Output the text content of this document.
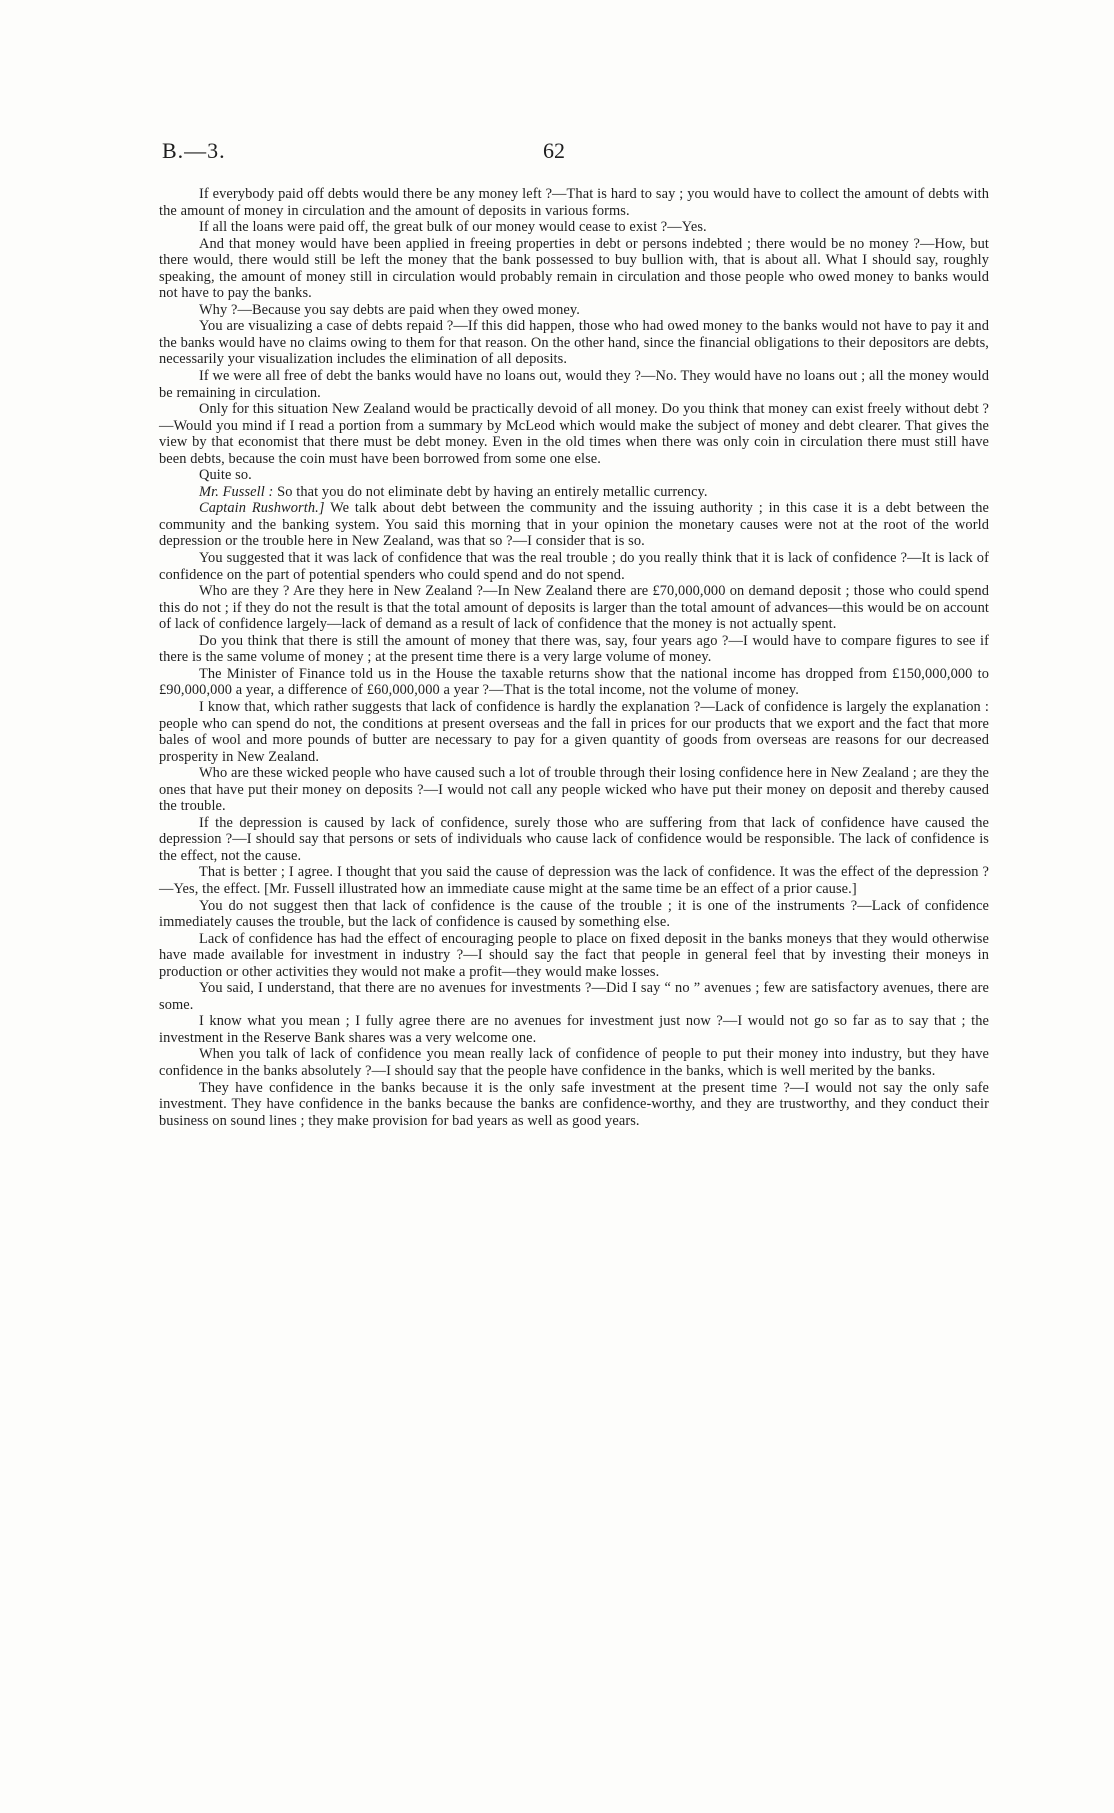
B.—3.	62

If everybody paid off debts would there be any money left ?—That is hard to say ; you would have to collect the amount of debts with the amount of money in circulation and the amount of deposits in various forms.

If all the loans were paid off, the great bulk of our money would cease to exist ?—Yes.

And that money would have been applied in freeing properties in debt or persons indebted ; there would be no money ?—How, but there would, there would still be left the money that the bank possessed to buy bullion with, that is about all. What I should say, roughly speaking, the amount of money still in circulation would probably remain in circulation and those people who owed money to banks would not have to pay the banks.

Why ?—Because you say debts are paid when they owed money.

You are visualizing a case of debts repaid ?—If this did happen, those who had owed money to the banks would not have to pay it and the banks would have no claims owing to them for that reason. On the other hand, since the financial obligations to their depositors are debts, necessarily your visualization includes the elimination of all deposits.

If we were all free of debt the banks would have no loans out, would they ?—No. They would have no loans out ; all the money would be remaining in circulation.

Only for this situation New Zealand would be practically devoid of all money. Do you think that money can exist freely without debt ?—Would you mind if I read a portion from a summary by McLeod which would make the subject of money and debt clearer. That gives the view by that economist that there must be debt money. Even in the old times when there was only coin in circulation there must still have been debts, because the coin must have been borrowed from some one else.

Quite so.

Mr. Fussell : So that you do not eliminate debt by having an entirely metallic currency.

Captain Rushworth.] We talk about debt between the community and the issuing authority ; in this case it is a debt between the community and the banking system. You said this morning that in your opinion the monetary causes were not at the root of the world depression or the trouble here in New Zealand, was that so ?—I consider that is so.

You suggested that it was lack of confidence that was the real trouble ; do you really think that it is lack of confidence ?—It is lack of confidence on the part of potential spenders who could spend and do not spend.

Who are they ? Are they here in New Zealand ?—In New Zealand there are £70,000,000 on demand deposit ; those who could spend this do not ; if they do not the result is that the total amount of deposits is larger than the total amount of advances—this would be on account of lack of confidence largely—lack of demand as a result of lack of confidence that the money is not actually spent.

Do you think that there is still the amount of money that there was, say, four years ago ?—I would have to compare figures to see if there is the same volume of money ; at the present time there is a very large volume of money.

The Minister of Finance told us in the House the taxable returns show that the national income has dropped from £150,000,000 to £90,000,000 a year, a difference of £60,000,000 a year ?—That is the total income, not the volume of money.

I know that, which rather suggests that lack of confidence is hardly the explanation ?—Lack of confidence is largely the explanation : people who can spend do not, the conditions at present overseas and the fall in prices for our products that we export and the fact that more bales of wool and more pounds of butter are necessary to pay for a given quantity of goods from overseas are reasons for our decreased prosperity in New Zealand.

Who are these wicked people who have caused such a lot of trouble through their losing confidence here in New Zealand ; are they the ones that have put their money on deposits ?—I would not call any people wicked who have put their money on deposit and thereby caused the trouble.

If the depression is caused by lack of confidence, surely those who are suffering from that lack of confidence have caused the depression ?—I should say that persons or sets of individuals who cause lack of confidence would be responsible. The lack of confidence is the effect, not the cause.

That is better ; I agree. I thought that you said the cause of depression was the lack of confidence. It was the effect of the depression ?—Yes, the effect. [Mr. Fussell illustrated how an immediate cause might at the same time be an effect of a prior cause.]

You do not suggest then that lack of confidence is the cause of the trouble ; it is one of the instruments ?—Lack of confidence immediately causes the trouble, but the lack of confidence is caused by something else.

Lack of confidence has had the effect of encouraging people to place on fixed deposit in the banks moneys that they would otherwise have made available for investment in industry ?—I should say the fact that people in general feel that by investing their moneys in production or other activities they would not make a profit—they would make losses.

You said, I understand, that there are no avenues for investments ?—Did I say “ no ” avenues ; few are satisfactory avenues, there are some.

I know what you mean ; I fully agree there are no avenues for investment just now ?—I would not go so far as to say that ; the investment in the Reserve Bank shares was a very welcome one.

When you talk of lack of confidence you mean really lack of confidence of people to put their money into industry, but they have confidence in the banks absolutely ?—I should say that the people have confidence in the banks, which is well merited by the banks.

They have confidence in the banks because it is the only safe investment at the present time ?—I would not say the only safe investment. They have confidence in the banks because the banks are confidence-worthy, and they are trustworthy, and they conduct their business on sound lines ; they make provision for bad years as well as good years.
